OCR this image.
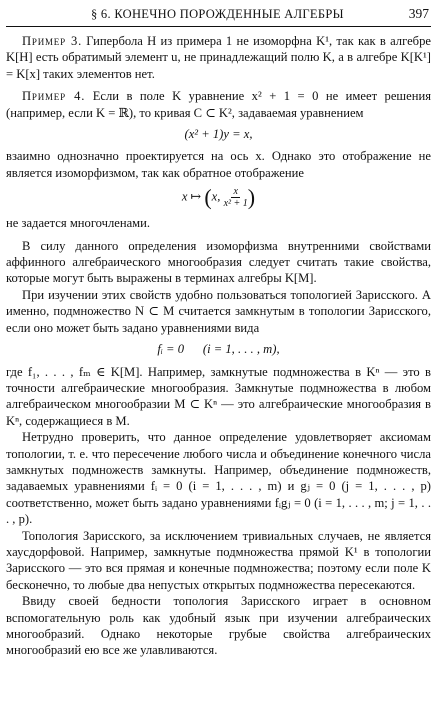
§ 6. КОНЕЧНО ПОРОЖДЕННЫЕ АЛГЕБРЫ	397

Пример 3. Гипербола H из примера 1 не изоморфна K¹, так как в алгебре K[H] есть обратимый элемент u, не принадлежащий полю K, а в алгебре K[K¹] = K[x] таких элементов нет.

Пример 4. Если в поле K уравнение x² + 1 = 0 не имеет решения (например, если K = ℝ), то кривая C ⊂ K², задаваемая уравнением

(x² + 1)y = x,

взаимно однозначно проектируется на ось x. Однако это отображение не является изоморфизмом, так как обратное отображение

x ↦ (x, $\frac{x}{\text{x² + 1}}$ )

не задается многочленами.

В силу данного определения изоморфизма внутренними свойствами аффинного алгебраического многообразия следует считать такие свойства, которые могут быть выражены в терминах алгебры K[M].

При изучении этих свойств удобно пользоваться топологией Зарисского. А именно, подмножество N ⊂ M считается замкнутым в топологии Зарисского, если оно может быть задано уравнениями вида

fᵢ = 0      (i = 1, . . . , m),

где f₁, . . . , fₘ ∈ K[M]. Например, замкнутые подмножества в Kⁿ — это в точности алгебраические многообразия. Замкнутые подмножества в любом алгебраическом многообразии M ⊂ Kⁿ — это алгебраические многообразия в Kⁿ, содержащиеся в M.

Нетрудно проверить, что данное определение удовлетворяет аксиомам топологии, т. е. что пересечение любого числа и объединение конечного числа замкнутых подмножеств замкнуты. Например, объединение подмножеств, задаваемых уравнениями fᵢ = 0 (i = 1, . . . , m) и gⱼ = 0 (j = 1, . . . , p) соответственно, может быть задано уравнениями fᵢgⱼ = 0 (i = 1, . . . , m; j = 1, . . . , p).

Топология Зарисского, за исключением тривиальных случаев, не является хаусдорфовой. Например, замкнутые подмножества прямой K¹ в топологии Зарисского — это вся прямая и конечные подмножества; поэтому если поле K бесконечно, то любые два непустых открытых подмножества пересекаются.

Ввиду своей бедности топология Зарисского играет в основном вспомогательную роль как удобный язык при изучении алгебраических многообразий. Однако некоторые грубые свойства алгебраических многообразий ею все же улавливаются.
